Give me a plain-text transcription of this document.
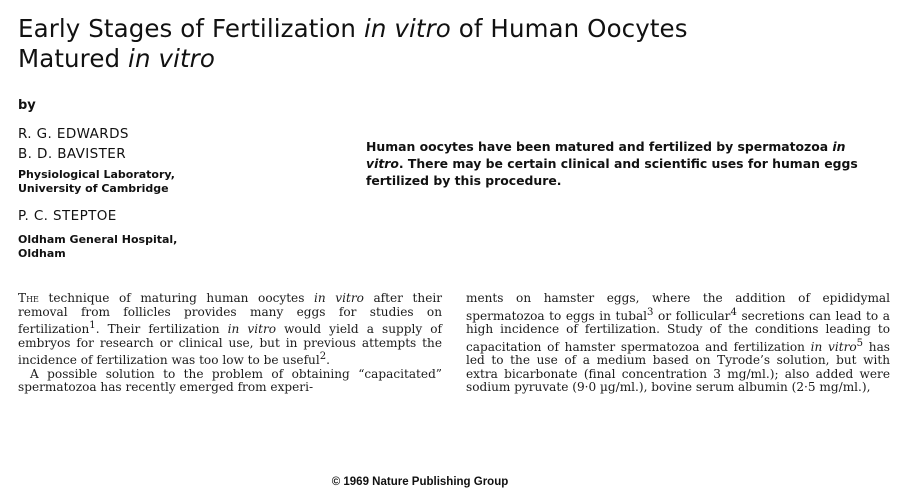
Early Stages of Fertilization in vitro of Human Oocytes
Matured in vitro
by
R. G. EDWARDS
B. D. BAVISTER
Physiological Laboratory,
University of Cambridge
P. C. STEPTOE
Oldham General Hospital,
Oldham
Human oocytes have been matured and fertilized by spermatozoa in vitro. There may be certain clinical and scientific uses for human eggs fertilized by this procedure.

The technique of maturing human oocytes in vitro after their removal from follicles provides many eggs for studies on fertilization$^1$. Their fertilization in vitro would yield a supply of embryos for research or clinical use, but in previous attempts the incidence of fertilization was too low to be useful$^2$.

A possible solution to the problem of obtaining “capacitated” spermatozoa has recently emerged from experi-

ments on hamster eggs, where the addition of epididymal spermatozoa to eggs in tubal$^3$ or follicular$^4$ secretions can lead to a high incidence of fertilization. Study of the conditions leading to capacitation of hamster spermatozoa and fertilization in vitro$^5$ has led to the use of a medium based on Tyrode’s solution, but with extra bicarbonate (final concentration 3 mg/ml.); also added were sodium pyruvate (9·0 µg/ml.), bovine serum albumin (2·5 mg/ml.),

© 1969 Nature Publishing Group
